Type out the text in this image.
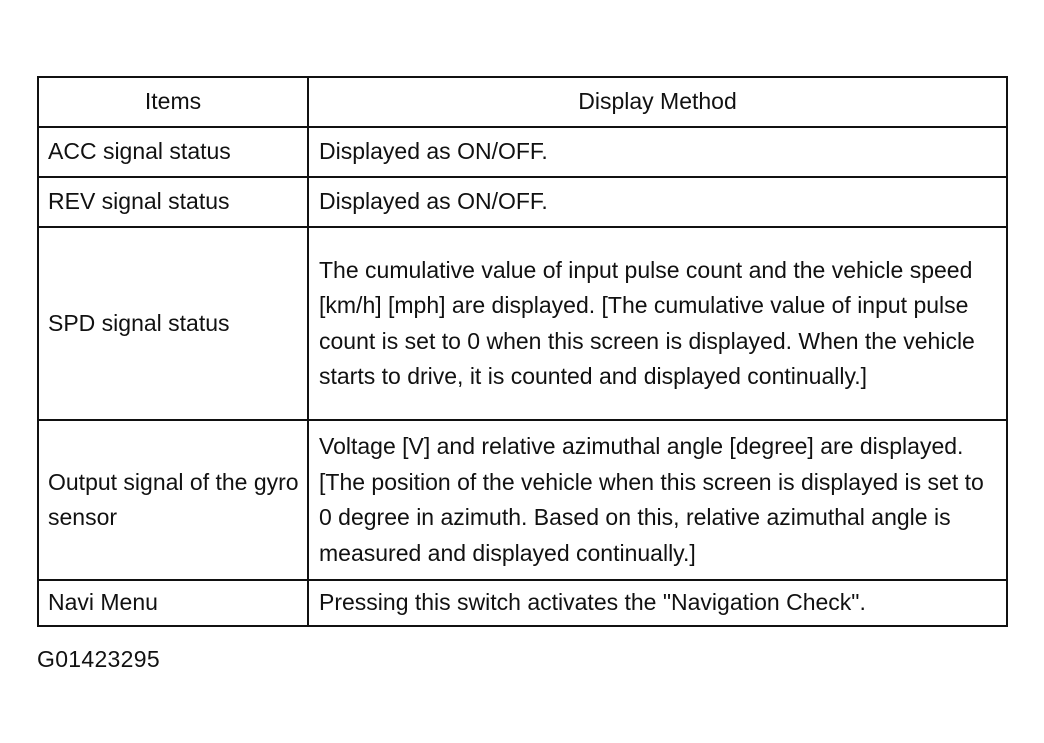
Items	Display Method
ACC signal status	Displayed as ON/OFF.
REV signal status	Displayed as ON/OFF.
SPD signal status	The cumulative value of input pulse count and the vehicle speed [km/h] [mph] are displayed. [The cumulative value of input pulse count is set to 0 when this screen is displayed. When the vehicle starts to drive, it is counted and displayed continually.]
Output signal of the gyro sensor	Voltage [V] and relative azimuthal angle [degree] are displayed. [The position of the vehicle when this screen is displayed is set to 0 degree in azimuth. Based on this, relative azimuthal angle is measured and displayed continually.]
Navi Menu	Pressing this switch activates the "Navigation Check".
G01423295
